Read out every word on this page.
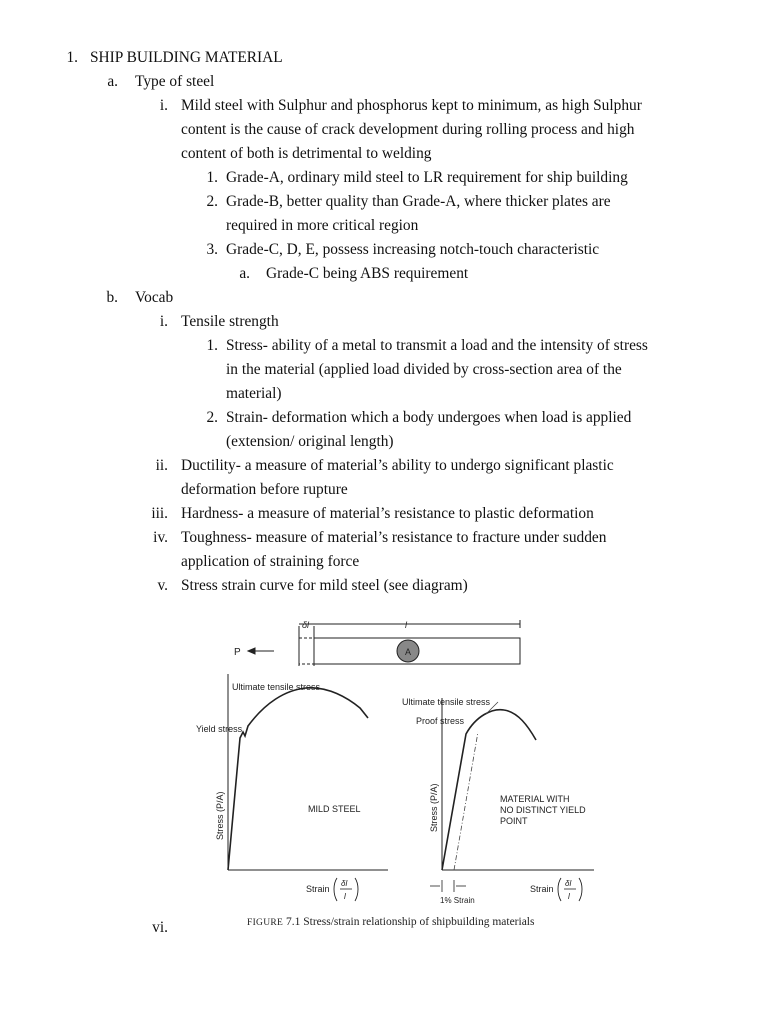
1. SHIP BUILDING MATERIAL
a. Type of steel
i. Mild steel with Sulphur and phosphorus kept to minimum, as high Sulphur
content is the cause of crack development during rolling process and high
content of both is detrimental to welding
1. Grade-A, ordinary mild steel to LR requirement for ship building
2. Grade-B, better quality than Grade-A, where thicker plates are
required in more critical region
3. Grade-C, D, E, possess increasing notch-touch characteristic
a. Grade-C being ABS requirement
b. Vocab
i. Tensile strength
1. Stress- ability of a metal to transmit a load and the intensity of stress
in the material (applied load divided by cross-section area of the
material)
2. Strain- deformation which a body undergoes when load is applied
(extension/ original length)
ii. Ductility- a measure of material’s ability to undergo significant plastic
deformation before rupture
iii. Hardness- a measure of material’s resistance to plastic deformation
iv. Toughness- measure of material’s resistance to fracture under sudden
application of straining force
v. Stress strain curve for mild steel (see diagram)
P
δl	l
A
Ultimate tensile stress
Yield stress
MILD STEEL
Stress (P/A)
Strain
δl
l
Ultimate tensile stress
Proof stress
MATERIAL WITH
NO DISTINCT YIELD
POINT
Stress (P/A)
1% Strain
Strain
δl
l
vi.	FIGURE 7.1 Stress/strain relationship of shipbuilding materials
